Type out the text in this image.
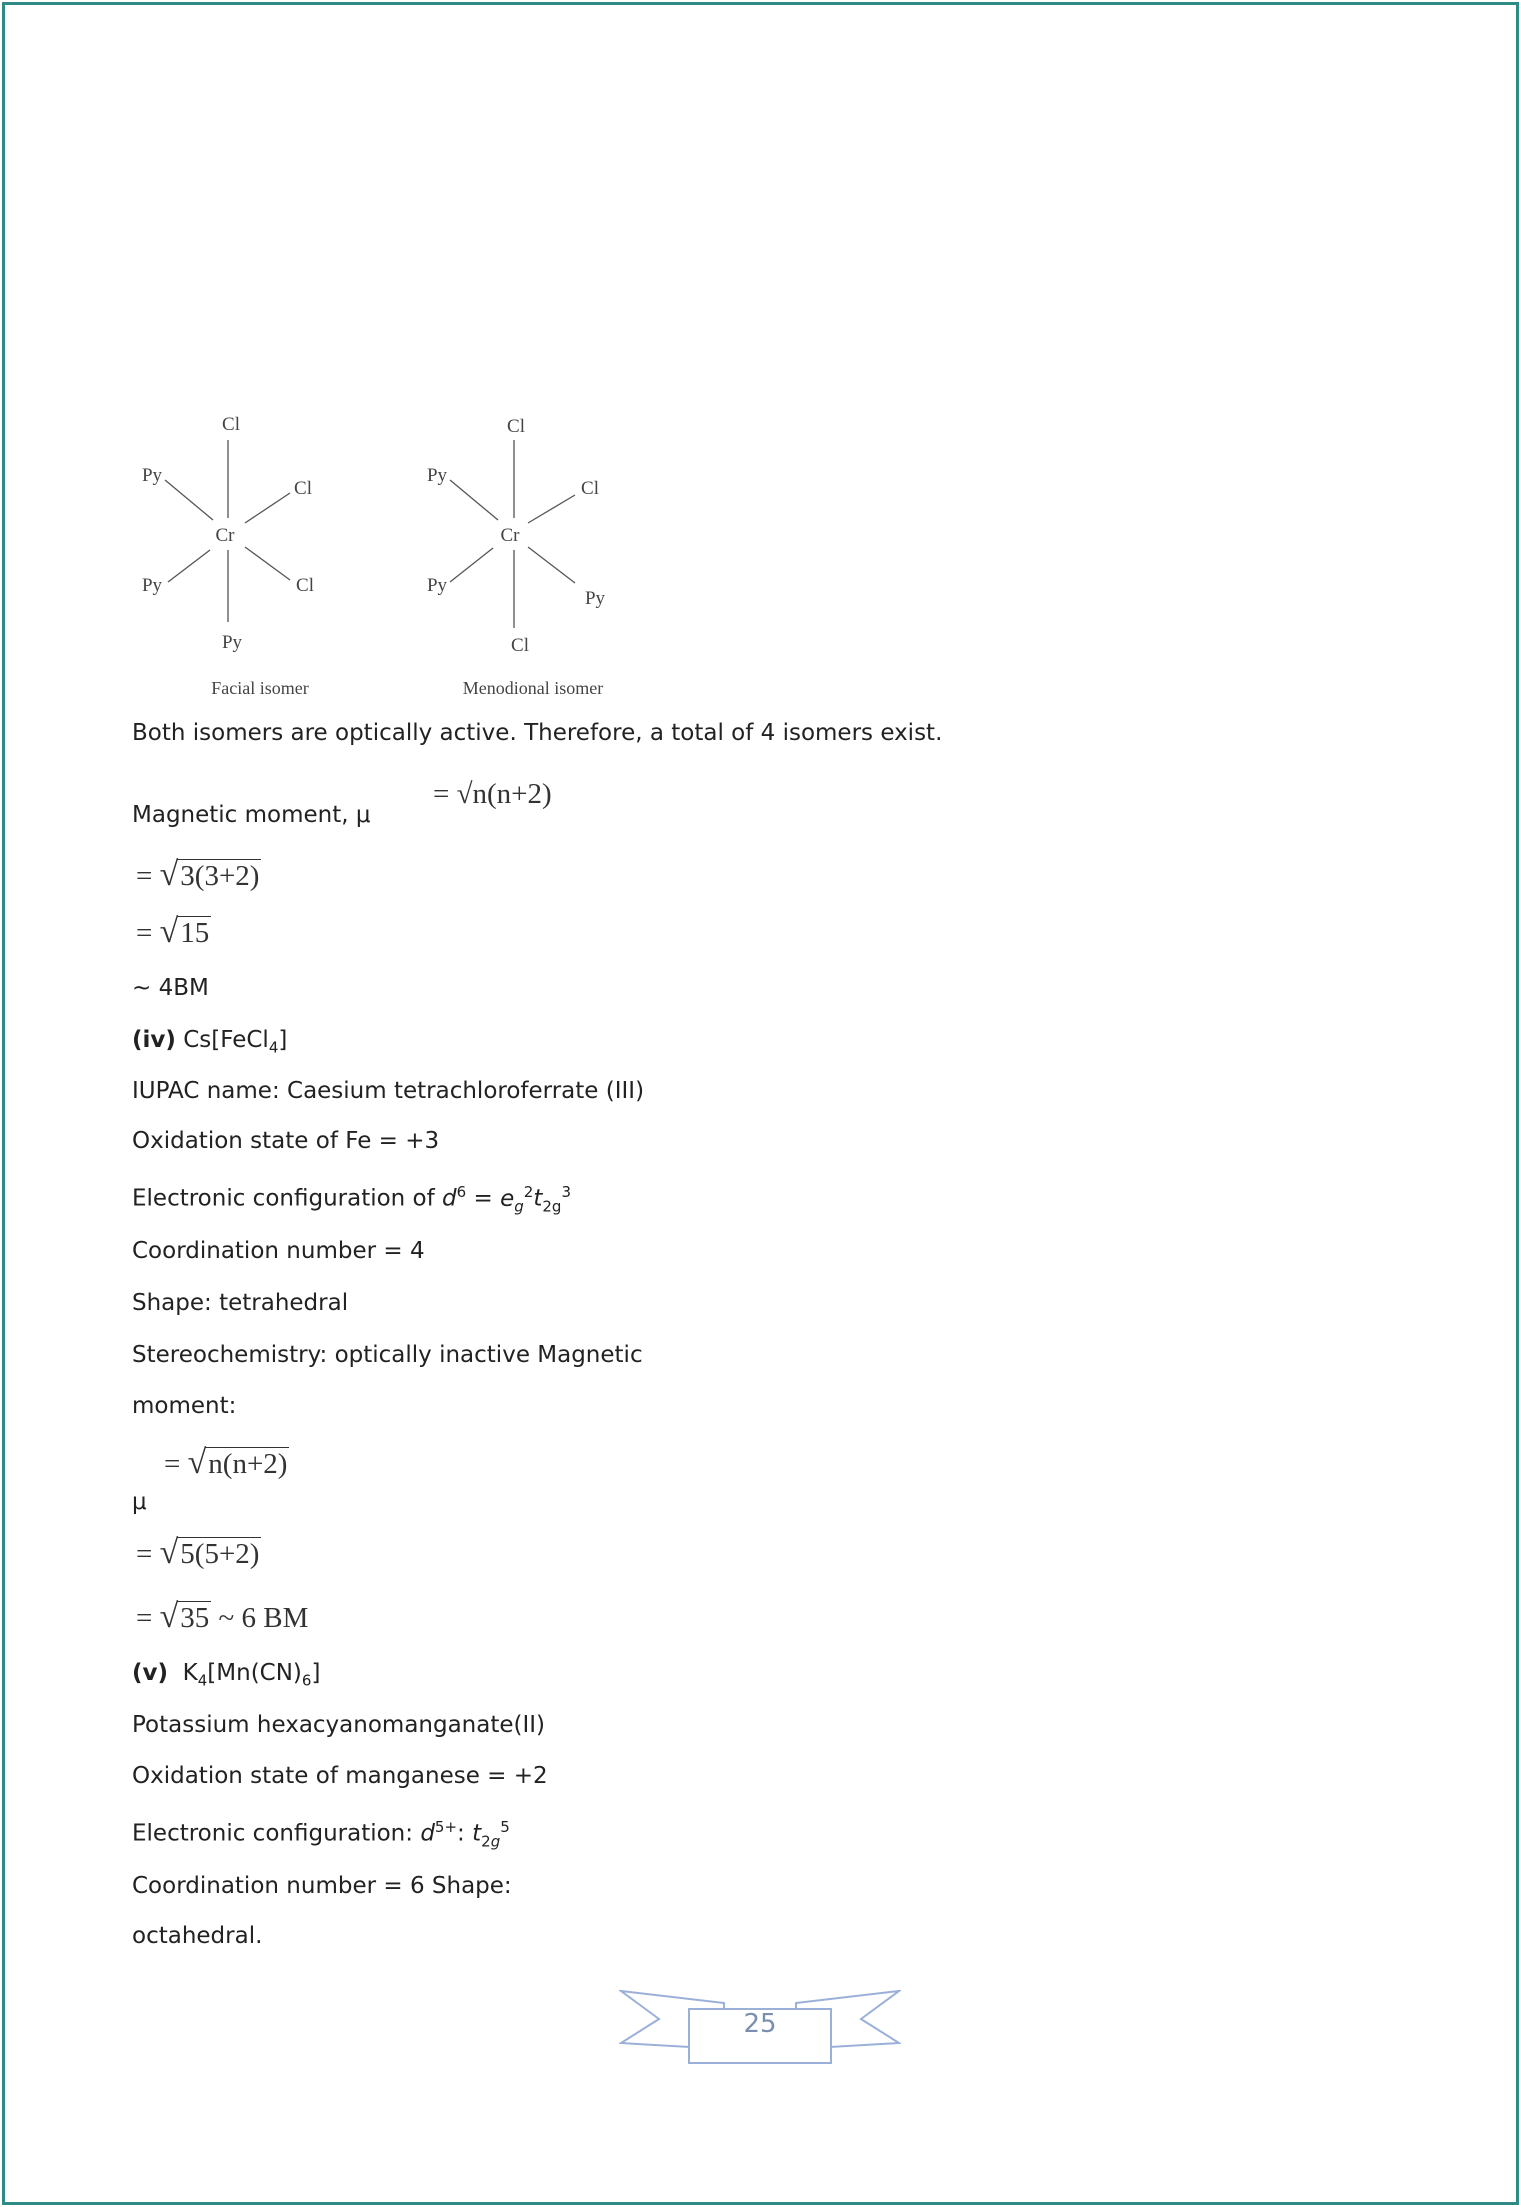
Cr
Cl
Py
Cl
Py	Cl
Py
Facial isomer
Cr
Cl
Py
Cl
Py
Py
Cl
Menodional isomer
Both isomers are optically active. Therefore, a total of 4 isomers exist.
Magnetic moment, μ
= √n(n+2)
= √3(3+2)
= √15
~ 4BM
(iv) Cs[FeCl$_4$]
IUPAC name: Caesium tetrachloroferrate (III)
Oxidation state of Fe = +3
Electronic configuration of $d^6 = e_g^2t_{2g}^3$
Coordination number = 4
Shape: tetrahedral
Stereochemistry: optically inactive Magnetic
moment:
= √n(n+2)
μ
= √5(5+2)
= √35 ~ 6 BM
(v) $K_4[Mn(CN)_6]$
Potassium hexacyanomanganate(II)
Oxidation state of manganese = +2
Electronic configuration: $d^{5+}$: $t_{2g}^5$
Coordination number = 6 Shape:
octahedral.
25
